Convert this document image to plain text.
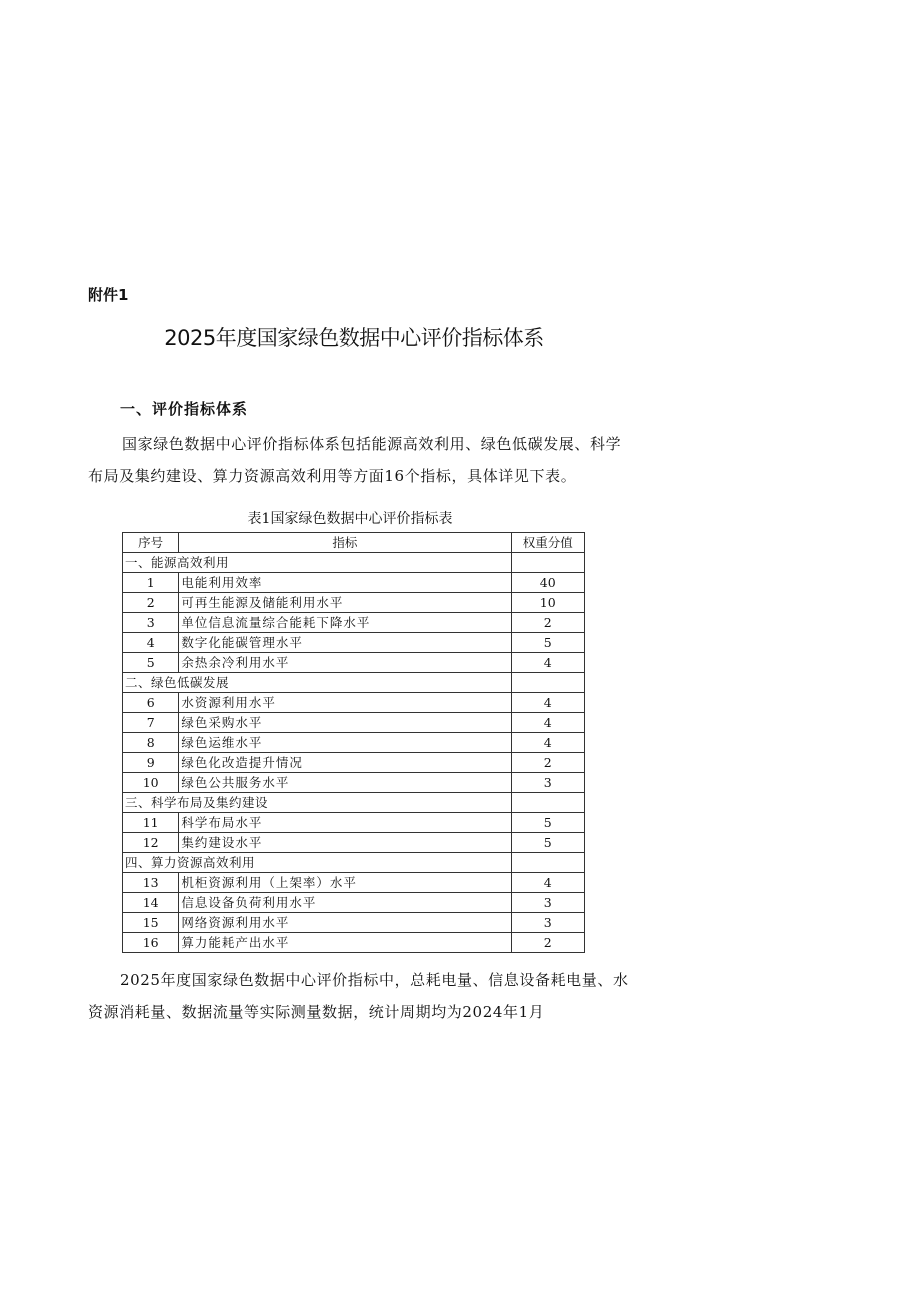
附件1
2025年度国家绿色数据中心评价指标体系
一、评价指标体系
国家绿色数据中心评价指标体系包括能源高效利用、绿色低碳发展、科学布局及集约建设、算力资源高效利用等方面16个指标，具体详见下表。
表1国家绿色数据中心评价指标表
序号	指标	权重分值
一、能源高效利用		
1	电能利用效率	40
2	可再生能源及储能利用水平	10
3	单位信息流量综合能耗下降水平	2
4	数字化能碳管理水平	5
5	余热余冷利用水平	4
二、绿色低碳发展		
6	水资源利用水平	4
7	绿色采购水平	4
8	绿色运维水平	4
9	绿色化改造提升情况	2
10	绿色公共服务水平	3
三、科学布局及集约建设		
11	科学布局水平	5
12	集约建设水平	5
四、算力资源高效利用		
13	机柜资源利用（上架率）水平	4
14	信息设备负荷利用水平	3
15	网络资源利用水平	3
16	算力能耗产出水平	2
2025年度国家绿色数据中心评价指标中，总耗电量、信息设备耗电量、水资源消耗量、数据流量等实际测量数据，统计周期均为2024年1月
